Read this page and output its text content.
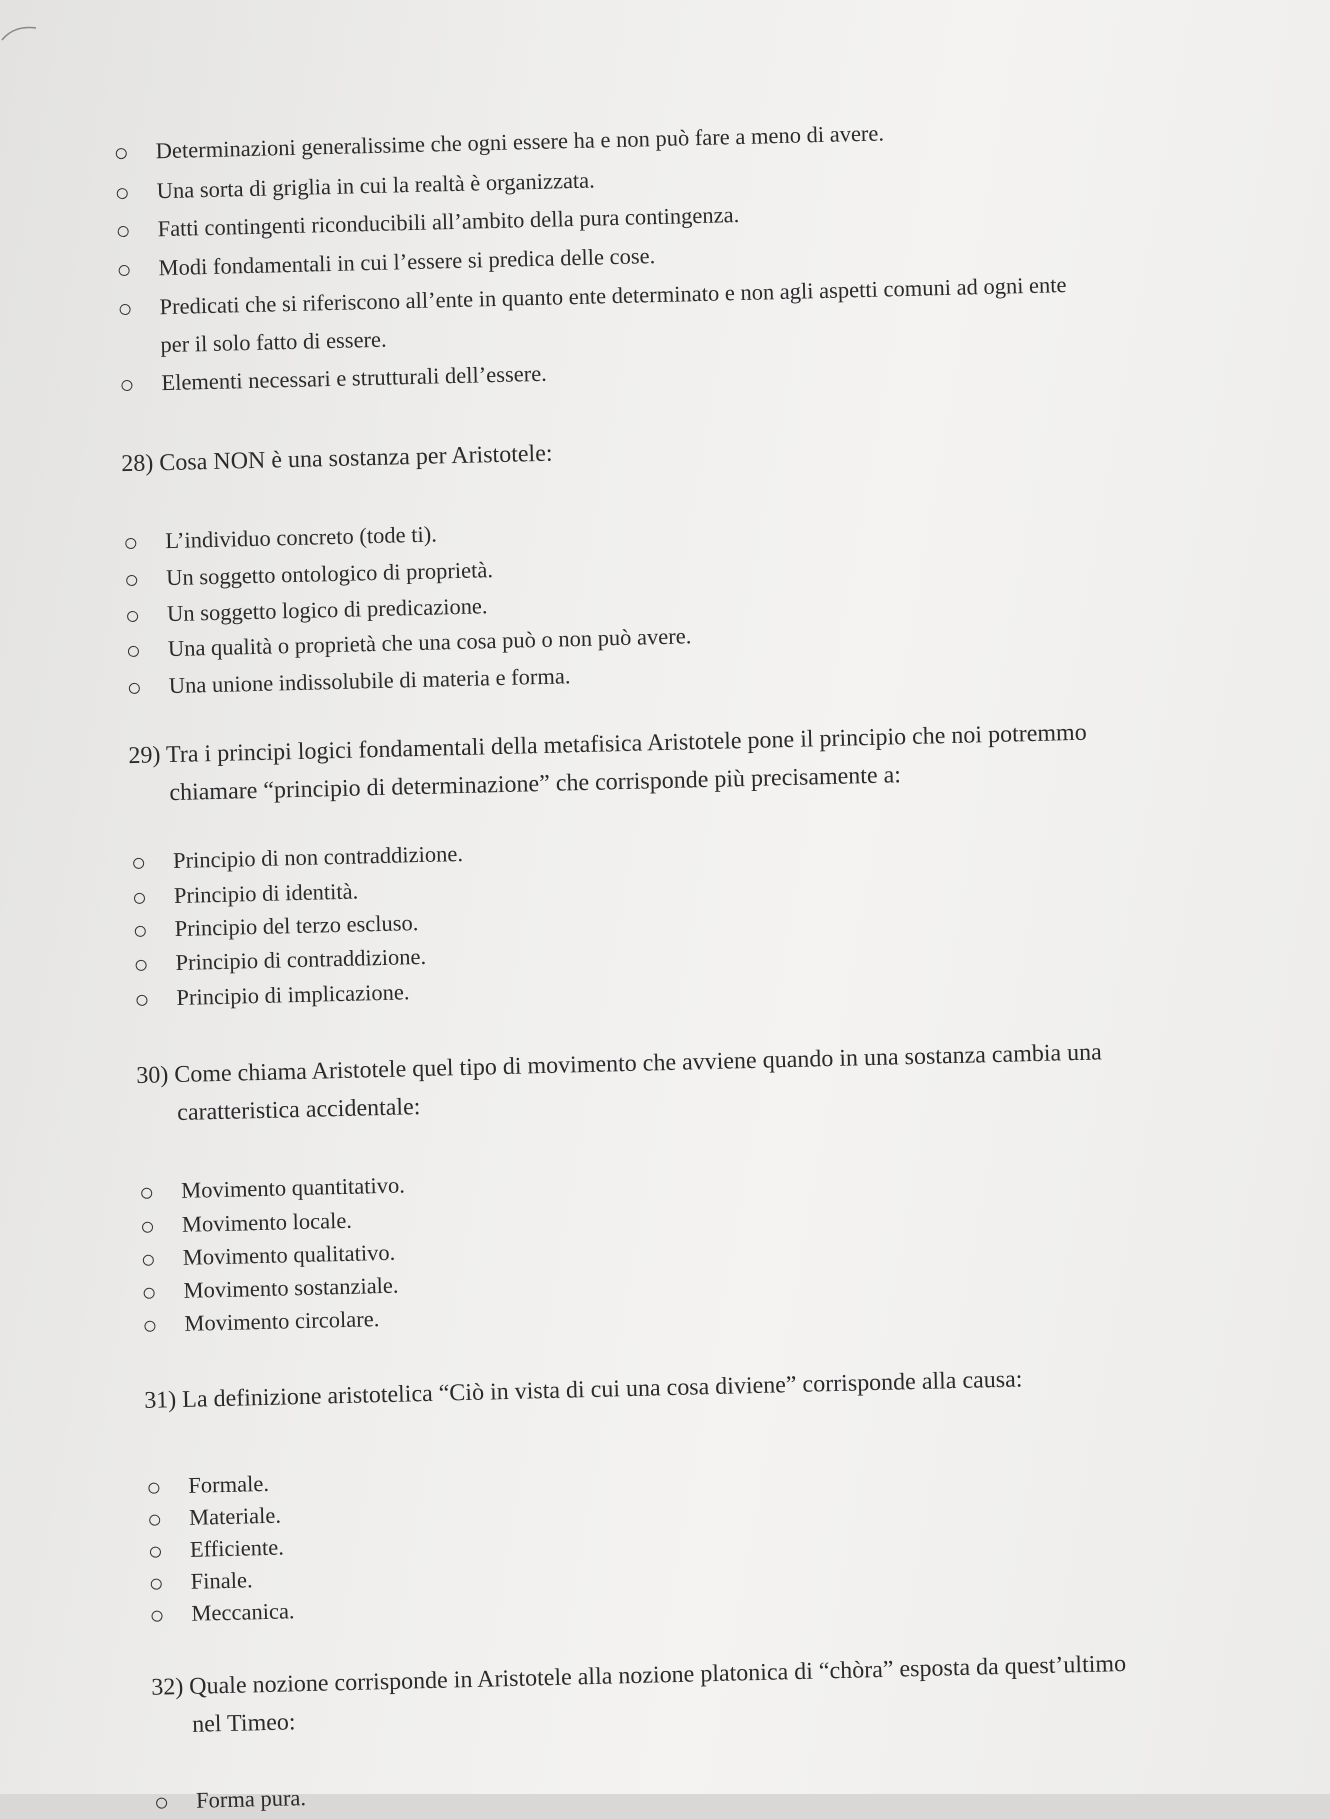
Determinazioni generalissime che ogni essere ha e non può fare a meno di avere.
Una sorta di griglia in cui la realtà è organizzata.
Fatti contingenti riconducibili all’ambito della pura contingenza.
Modi fondamentali in cui l’essere si predica delle cose.
Predicati che si riferiscono all’ente in quanto ente determinato e non agli aspetti comuni ad ogni ente
per il solo fatto di essere.
Elementi necessari e strutturali dell’essere.
28) Cosa NON è una sostanza per Aristotele:
L’individuo concreto (tode ti).
Un soggetto ontologico di proprietà.
Un soggetto logico di predicazione.
Una qualità o proprietà che una cosa può o non può avere.
Una unione indissolubile di materia e forma.
29) Tra i principi logici fondamentali della metafisica Aristotele pone il principio che noi potremmo
chiamare “principio di determinazione” che corrisponde più precisamente a:
Principio di non contraddizione.
Principio di identità.
Principio del terzo escluso.
Principio di contraddizione.
Principio di implicazione.
30) Come chiama Aristotele quel tipo di movimento che avviene quando in una sostanza cambia una
caratteristica accidentale:
Movimento quantitativo.
Movimento locale.
Movimento qualitativo.
Movimento sostanziale.
Movimento circolare.
31) La definizione aristotelica “Ciò in vista di cui una cosa diviene” corrisponde alla causa:
Formale.
Materiale.
Efficiente.
Finale.
Meccanica.
32) Quale nozione corrisponde in Aristotele alla nozione platonica di “chòra” esposta da quest’ultimo
nel Timeo:
Forma pura.
